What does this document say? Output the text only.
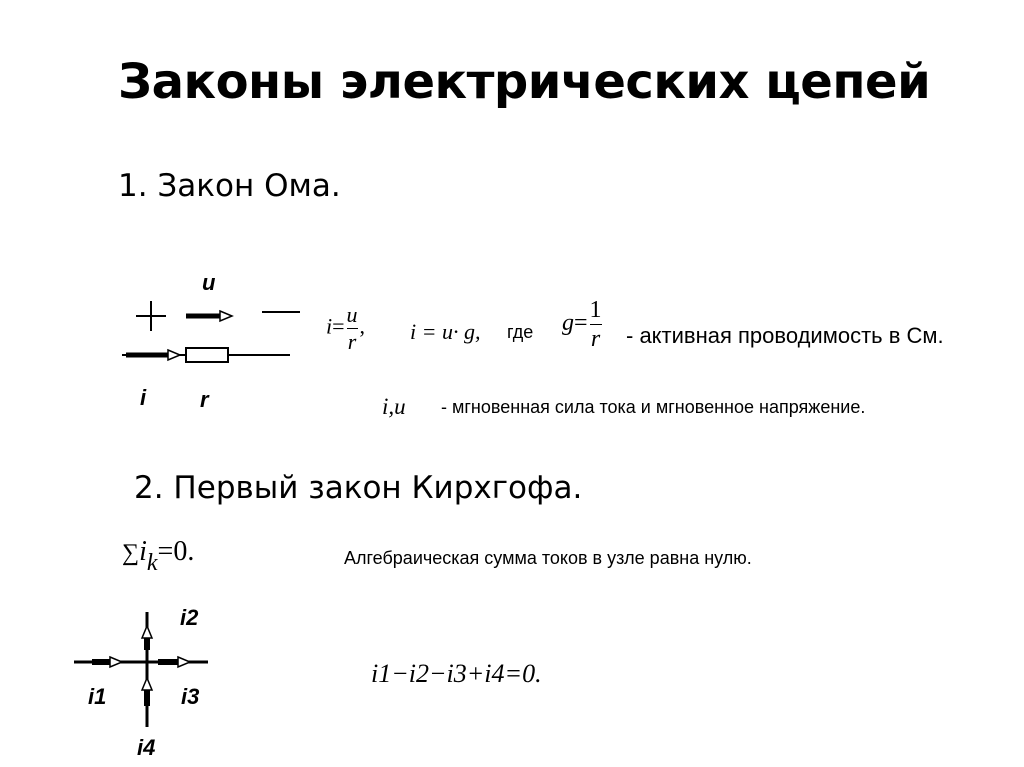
Законы электрических цепей
1. Закон Ома.
u
i r
$i= \frac{u}{r}$ , i = u· g, где $g= \frac{1}{r}$ - активная проводимость в См.
i,u - мгновенная сила тока и мгновенное напряжение.
2. Первый закон Кирхгофа.
$\sum i_k=0$.	Алгебраическая сумма токов в узле равна нулю.
i2
i1	i3
i4
i1−i2−i3+i4=0.
